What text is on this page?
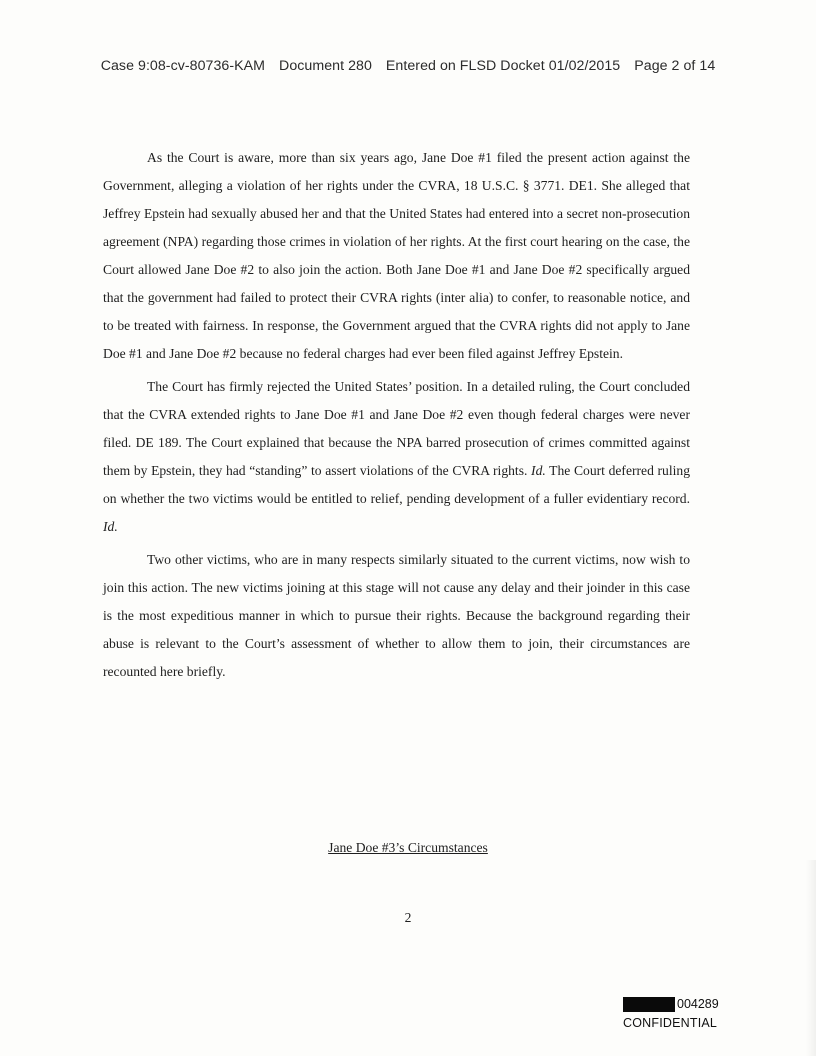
Case 9:08-cv-80736-KAM Document 280 Entered on FLSD Docket 01/02/2015 Page 2 of 14

As the Court is aware, more than six years ago, Jane Doe #1 filed the present action against the Government, alleging a violation of her rights under the CVRA, 18 U.S.C. § 3771. DE1. She alleged that Jeffrey Epstein had sexually abused her and that the United States had entered into a secret non-prosecution agreement (NPA) regarding those crimes in violation of her rights. At the first court hearing on the case, the Court allowed Jane Doe #2 to also join the action. Both Jane Doe #1 and Jane Doe #2 specifically argued that the government had failed to protect their CVRA rights (inter alia) to confer, to reasonable notice, and to be treated with fairness. In response, the Government argued that the CVRA rights did not apply to Jane Doe #1 and Jane Doe #2 because no federal charges had ever been filed against Jeffrey Epstein.

The Court has firmly rejected the United States’ position. In a detailed ruling, the Court concluded that the CVRA extended rights to Jane Doe #1 and Jane Doe #2 even though federal charges were never filed. DE 189. The Court explained that because the NPA barred prosecution of crimes committed against them by Epstein, they had “standing” to assert violations of the CVRA rights. Id. The Court deferred ruling on whether the two victims would be entitled to relief, pending development of a fuller evidentiary record. Id.

Two other victims, who are in many respects similarly situated to the current victims, now wish to join this action. The new victims joining at this stage will not cause any delay and their joinder in this case is the most expeditious manner in which to pursue their rights. Because the background regarding their abuse is relevant to the Court’s assessment of whether to allow them to join, their circumstances are recounted here briefly.

Jane Doe #3’s Circumstances
2
004289
CONFIDENTIAL
